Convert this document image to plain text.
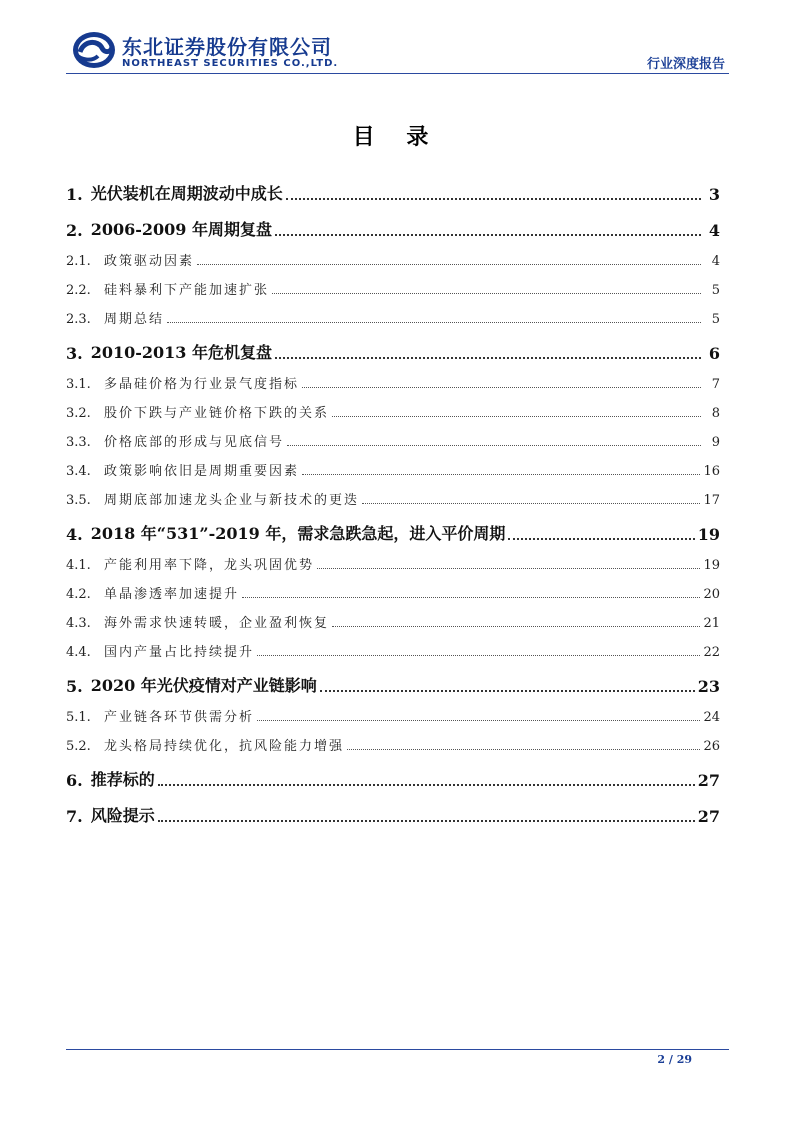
东北证券股份有限公司
NORTHEAST SECURITIES CO.,LTD.	行业深度报告
目 录
1. 光伏装机在周期波动中成长	3
2. 2006-2009 年周期复盘	4
2.1.	政策驱动因素	4
2.2.	硅料暴利下产能加速扩张	5
2.3.	周期总结	5
3. 2010-2013 年危机复盘	6
3.1.	多晶硅价格为行业景气度指标	7
3.2.	股价下跌与产业链价格下跌的关系	8
3.3.	价格底部的形成与见底信号	9
3.4.	政策影响依旧是周期重要因素	16
3.5.	周期底部加速龙头企业与新技术的更迭	17
4. 2018 年“531”-2019 年，需求急跌急起，进入平价周期	19
4.1.	产能利用率下降，龙头巩固优势	19
4.2.	单晶渗透率加速提升	20
4.3.	海外需求快速转暖，企业盈利恢复	21
4.4.	国内产量占比持续提升	22
5. 2020 年光伏疫情对产业链影响	23
5.1.	产业链各环节供需分析	24
5.2.	龙头格局持续优化，抗风险能力增强	26
6. 推荐标的	27
7. 风险提示	27
2 / 29
